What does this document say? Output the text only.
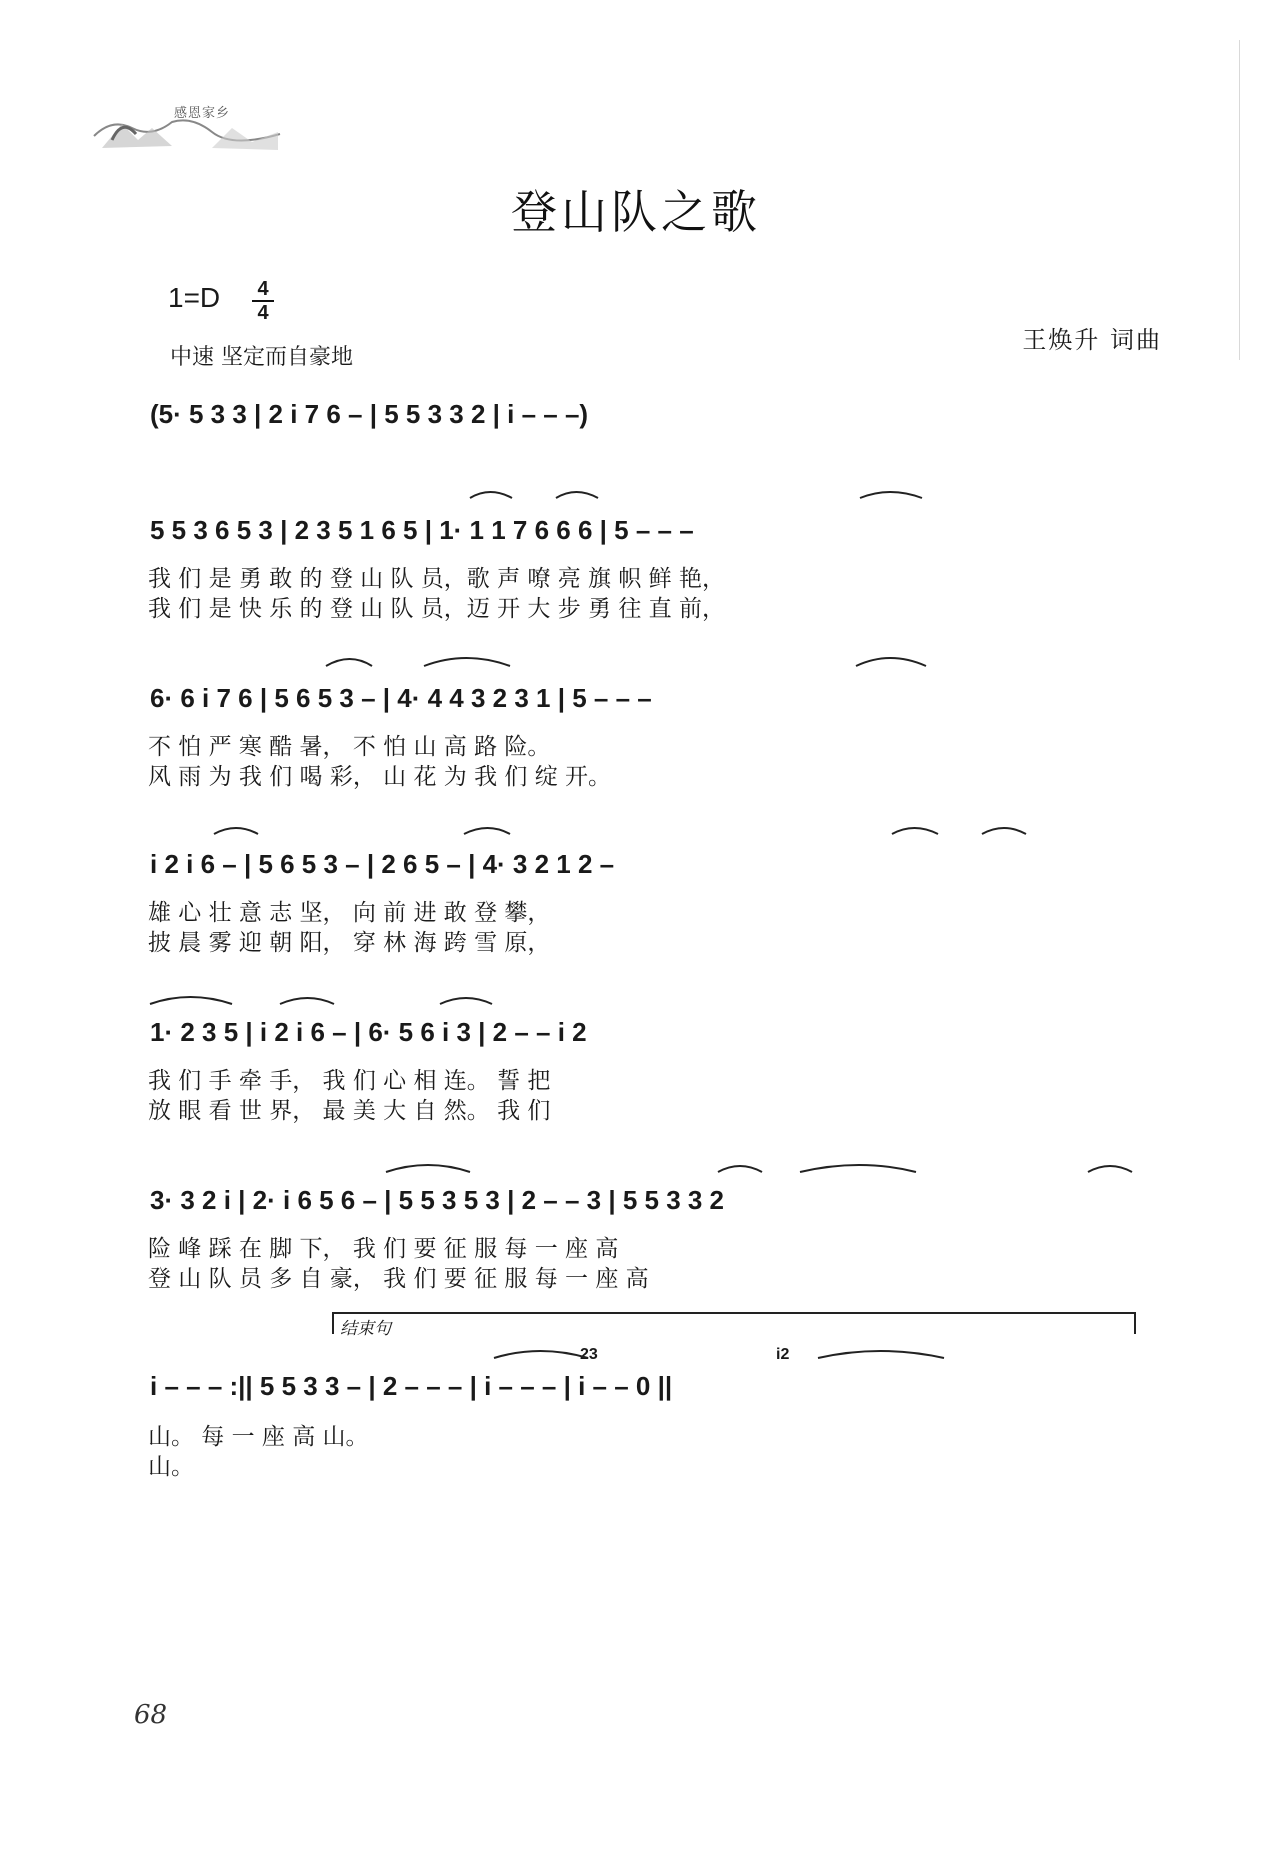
感恩家乡
登山队之歌
1=D	4
4
中速 坚定而自豪地
王焕升 词曲
(5· 5 3 3 | 2 i 7 6 – | 5 5 3 3 2 | i – – –)
5 5 3 6 5 3 | 2 3 5 1 6 5 | 1· 1 1 7 6 6 6 | 5 – – –
我 们 是 勇 敢 的 登 山 队 员，歌 声 嘹 亮 旗 帜 鲜 艳，
我 们 是 快 乐 的 登 山 队 员，迈 开 大 步 勇 往 直 前，
6· 6 i 7 6 | 5 6 5 3 – | 4· 4 4 3 2 3 1 | 5 – – –
不 怕 严 寒 酷 暑， 不 怕 山 高 路 险。
风 雨 为 我 们 喝 彩， 山 花 为 我 们 绽 开。
i 2 i 6 – | 5 6 5 3 – | 2 6 5 – | 4· 3 2 1 2 –
雄 心 壮 意 志 坚， 向 前 进 敢 登 攀，
披 晨 雾 迎 朝 阳， 穿 林 海 跨 雪 原，
1· 2 3 5 | i 2 i 6 – | 6· 5 6 i 3 | 2 – – i 2
我 们 手 牵 手， 我 们 心 相 连。 誓 把
放 眼 看 世 界， 最 美 大 自 然。 我 们
3· 3 2 i | 2· i 6 5 6 – | 5 5 3 5 3 | 2 – – 3 | 5 5 3 3 2
险 峰 踩 在 脚 下， 我 们 要 征 服 每 一 座 高
登 山 队 员 多 自 豪， 我 们 要 征 服 每 一 座 高
结束句
23	i2
i – – – :|| 5 5 3 3 – | 2 – – – | i – – – | i – – 0 ||
山。 每 一 座 高 山。
山。
68
